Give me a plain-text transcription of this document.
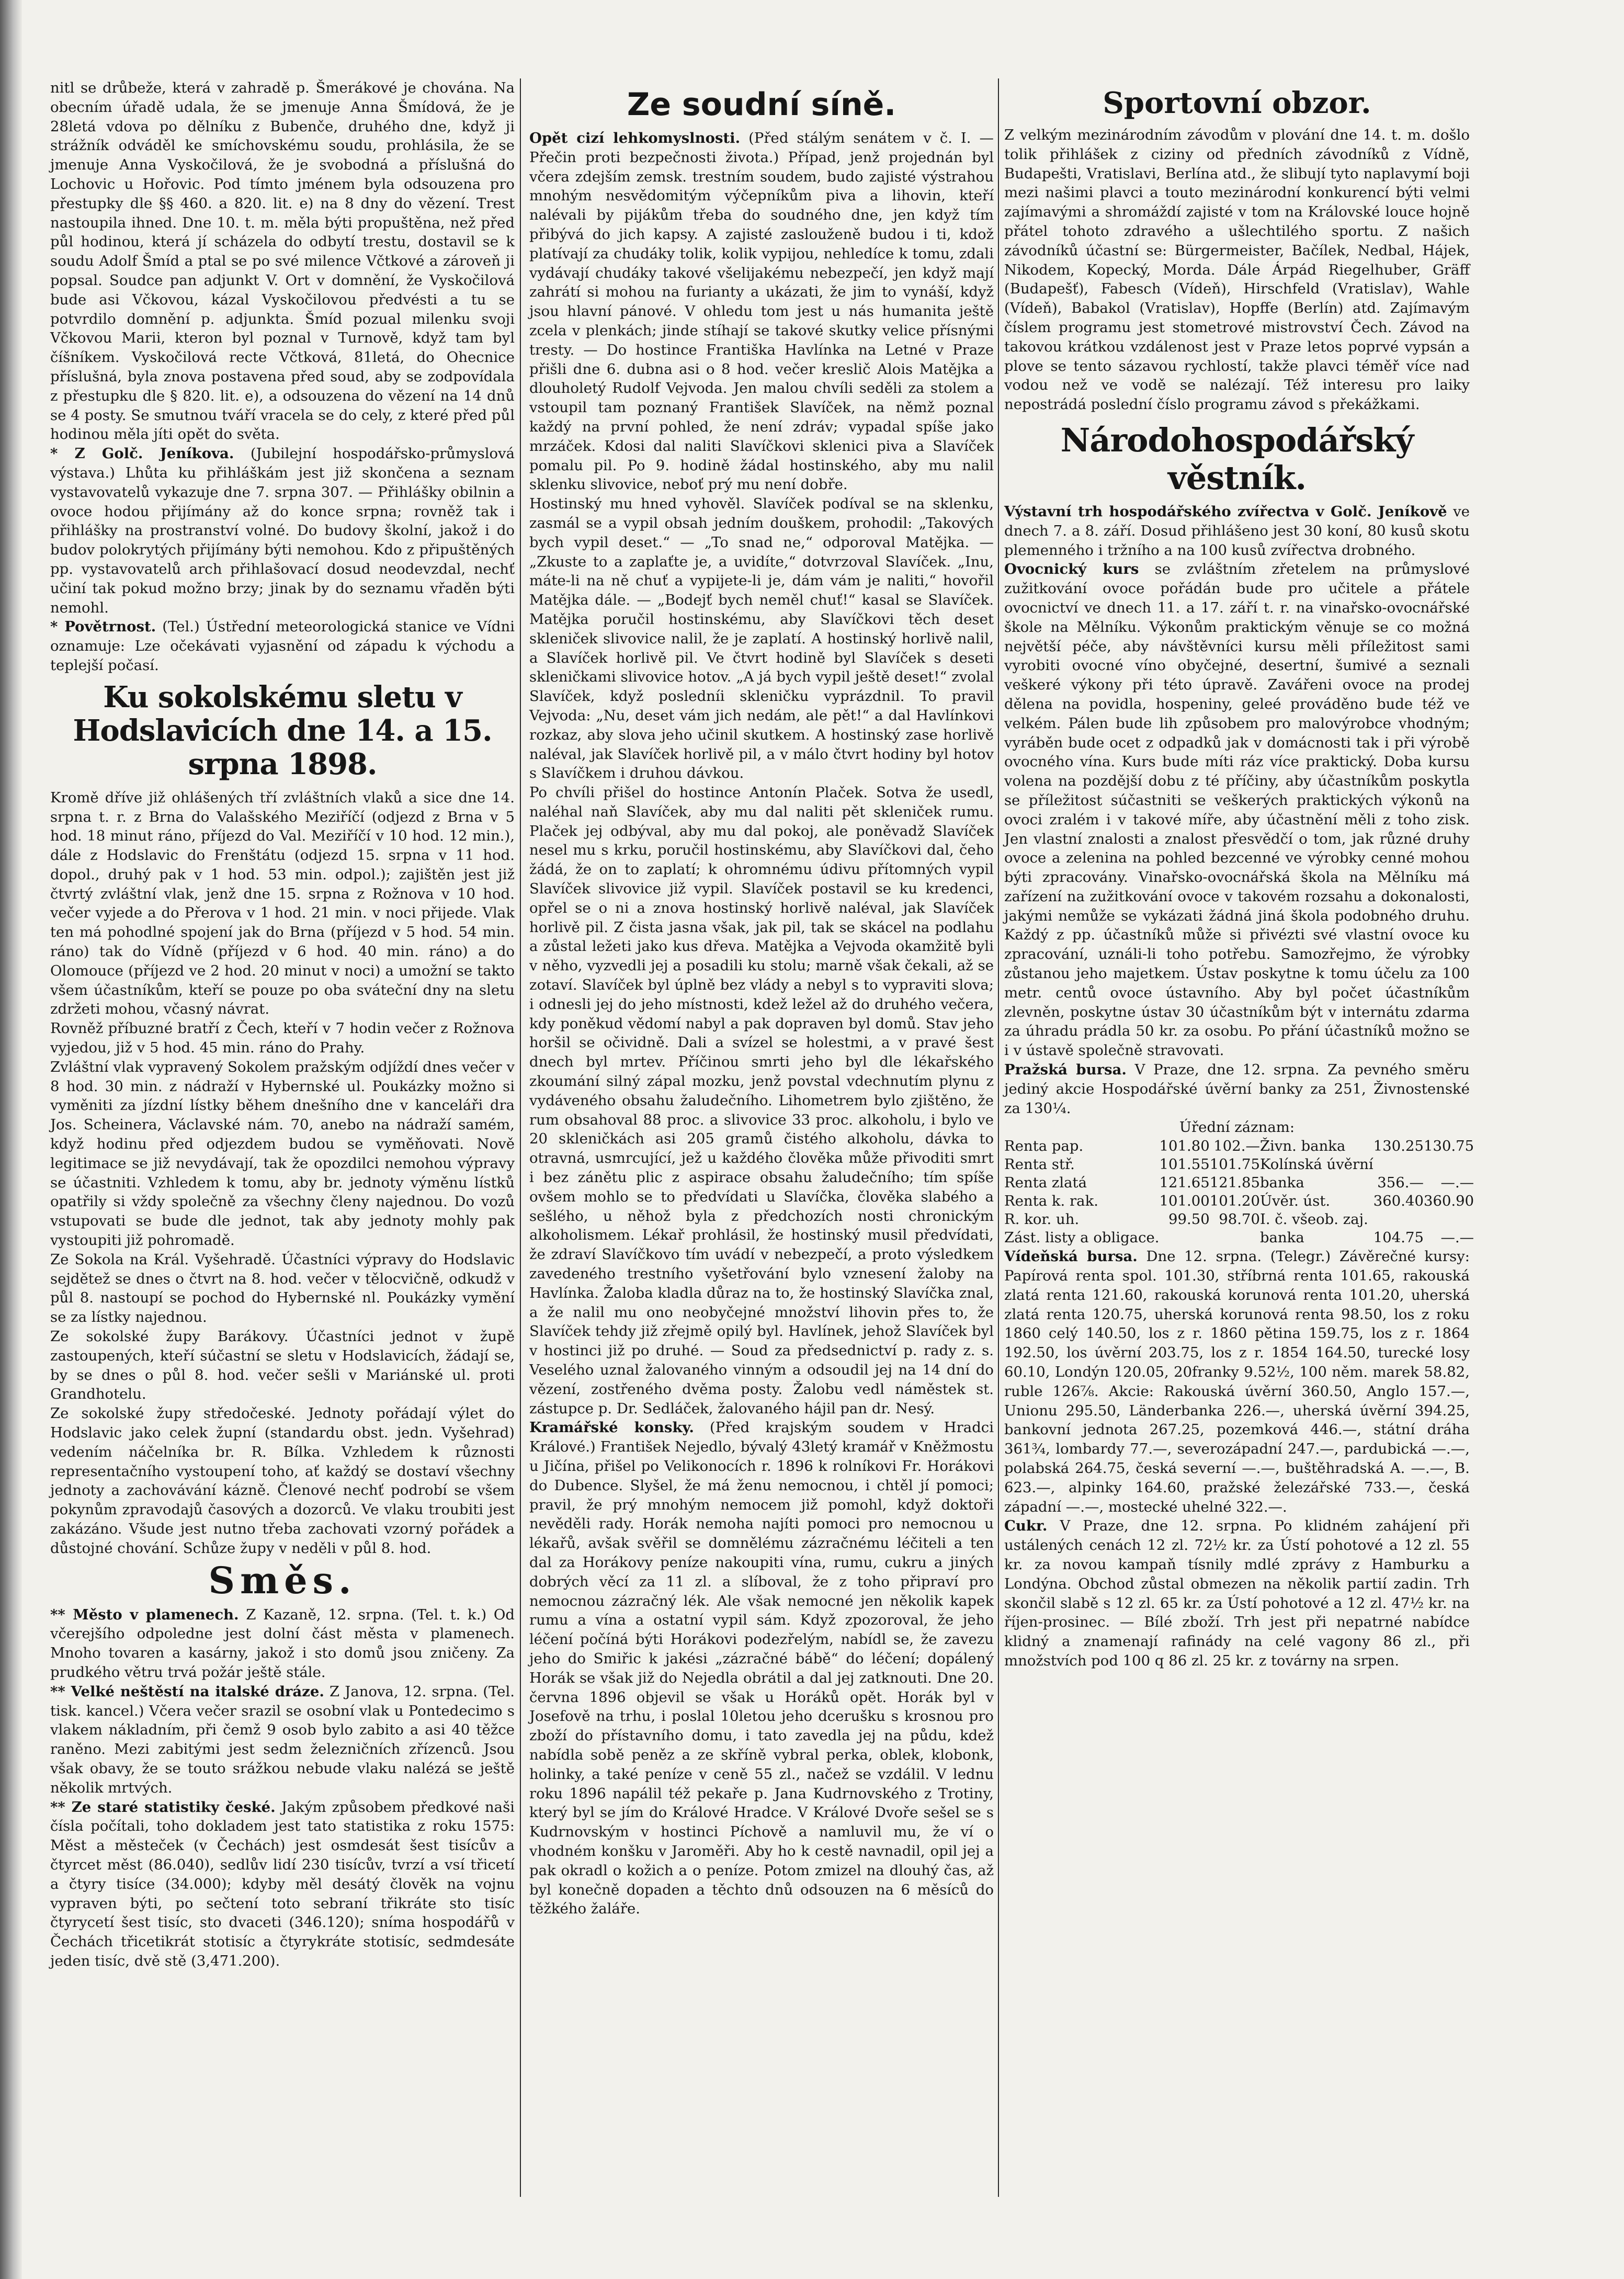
nitl se drůbeže, která v zahradě p. Šmerákové je chována. Na obecním úřadě udala, že se jmenuje Anna Šmídová, že je 28letá vdova po dělníku z Bubenče, druhého dne, když ji strážník odváděl ke smíchovskému soudu, prohlásila, že se jmenuje Anna Vyskočilová, že je svobodná a příslušná do Lochovic u Hořovic. Pod tímto jménem byla odsouzena pro přestupky dle §§ 460. a 820. lit. e) na 8 dny do vězení. Trest nastoupila ihned. Dne 10. t. m. měla býti propuštěna, než před půl hodinou, která jí scházela do odbytí trestu, dostavil se k soudu Adolf Šmíd a ptal se po své milence Včtkové a zároveň ji popsal. Soudce pan adjunkt V. Ort v domnění, že Vyskočilová bude asi Včkovou, kázal Vyskočilovou předvésti a tu se potvrdilo domnění p. adjunkta. Šmíd pozual milenku svoji Včkovou Marii, kteron byl poznal v Turnově, když tam byl číšníkem. Vyskočilová recte Včtková, 81letá, do Ohecnice příslušná, byla znova postavena před soud, aby se zodpovídala z přestupku dle § 820. lit. e), a odsouzena do vězení na 14 dnů se 4 posty. Se smutnou tváří vracela se do cely, z které před půl hodinou měla jíti opět do světa.

* Z Golč. Jeníkova. (Jubilejní hospodářsko-průmyslová výstava.) Lhůta ku přihláškám jest již skončena a seznam vystavovatelů vykazuje dne 7. srpna 307. — Přihlášky obilnin a ovoce hodou přijímány až do konce srpna; rovněž tak i přihlášky na prostranství volné. Do budovy školní, jakož i do budov polokrytých přijímány býti nemohou. Kdo z připuštěných pp. vystavovatelů arch přihlašovací dosud neodevzdal, nechť učiní tak pokud možno brzy; jinak by do seznamu vřaděn býti nemohl.

* Povětrnost. (Tel.) Ústřední meteorologická stanice ve Vídni oznamuje: Lze očekávati vyjasnění od západu k východu a teplejší počasí.

Ku sokolskému sletu v Hodslavicích dne 14. a 15. srpna 1898.

Kromě dříve již ohlášených tří zvláštních vlaků a sice dne 14. srpna t. r. z Brna do Valašského Meziříčí (odjezd z Brna v 5 hod. 18 minut ráno, příjezd do Val. Meziříčí v 10 hod. 12 min.), dále z Hodslavic do Frenštátu (odjezd 15. srpna v 11 hod. dopol., druhý pak v 1 hod. 53 min. odpol.); zajištěn jest již čtvrtý zvláštní vlak, jenž dne 15. srpna z Rožnova v 10 hod. večer vyjede a do Přerova v 1 hod. 21 min. v noci přijede. Vlak ten má pohodlné spojení jak do Brna (příjezd v 5 hod. 54 min. ráno) tak do Vídně (příjezd v 6 hod. 40 min. ráno) a do Olomouce (příjezd ve 2 hod. 20 minut v noci) a umožní se takto všem účastníkům, kteří se pouze po oba sváteční dny na sletu zdržeti mohou, včasný návrat.

Rovněž příbuzné bratří z Čech, kteří v 7 hodin večer z Rožnova vyjedou, již v 5 hod. 45 min. ráno do Prahy.

Zvláštní vlak vypravený Sokolem pražským odjíždí dnes večer v 8 hod. 30 min. z nádraží v Hybernské ul. Poukázky možno si vyměniti za jízdní lístky během dnešního dne v kanceláři dra Jos. Scheinera, Václavské nám. 70, anebo na nádraží samém, když hodinu před odjezdem budou se vyměňovati. Nově legitimace se již nevydávají, tak že opozdilci nemohou výpravy se účastniti. Vzhledem k tomu, aby br. jednoty výměnu lístků opatřily si vždy společně za všechny členy najednou. Do vozů vstupovati se bude dle jednot, tak aby jednoty mohly pak vystoupiti již pohromadě.

Ze Sokola na Král. Vyšehradě. Účastníci výpravy do Hodslavic sejdětež se dnes o čtvrt na 8. hod. večer v tělocvičně, odkudž v půl 8. nastoupí se pochod do Hybernské nl. Poukázky vymění se za lístky najednou.

Ze sokolské župy Barákovy. Účastníci jednot v župě zastoupených, kteří súčastní se sletu v Hodslavicích, žádají se, by se dnes o půl 8. hod. večer sešli v Mariánské ul. proti Grandhotelu.

Ze sokolské župy středočeské. Jednoty pořádají výlet do Hodslavic jako celek župní (standardu obst. jedn. Vyšehrad) vedením náčelníka br. R. Bílka. Vzhledem k různosti representačního vystoupení toho, ať každý se dostaví všechny jednoty a zachovávání kázně. Členové nechť podrobí se všem pokynům zpravodajů časových a dozorců. Ve vlaku troubiti jest zakázáno. Všude jest nutno třeba zachovati vzorný pořádek a důstojné chování. Schůze župy v neděli v půl 8. hod.

Směs.

** Město v plamenech. Z Kazaně, 12. srpna. (Tel. t. k.) Od včerejšího odpoledne jest dolní část města v plamenech. Mnoho tovaren a kasárny, jakož i sto domů jsou zničeny. Za prudkého větru trvá požár ještě stále.

** Velké neštěstí na italské dráze. Z Janova, 12. srpna. (Tel. tisk. kancel.) Včera večer srazil se osobní vlak u Pontedecimo s vlakem nákladním, při čemž 9 osob bylo zabito a asi 40 těžce raněno. Mezi zabitými jest sedm železničních zřízenců. Jsou však obavy, že se touto srážkou nebude vlaku nalézá se ještě několik mrtvých.

** Ze staré statistiky české. Jakým způsobem předkové naši čísla počítali, toho dokladem jest tato statistika z roku 1575: Měst a městeček (v Čechách) jest osmdesát šest tisícův a čtyrcet měst (86.040), sedlův lidí 230 tisícův, tvrzí a vsí třicetí a čtyry tisíce (34.000); kdyby měl desátý člověk na vojnu vypraven býti, po sečtení toto sebraní třikráte sto tisíc čtyrycetí šest tisíc, sto dvaceti (346.120); sníma hospodářů v Čechách třicetikrát stotisíc a čtyrykráte stotisíc, sedmdesáte jeden tisíc, dvě stě (3,471.200).

Ze soudní síně.

Opět cizí lehkomyslnosti. (Před stálým senátem v č. I. — Přečin proti bezpečnosti života.) Případ, jenž projednán byl včera zdejším zemsk. trestním soudem, budo zajisté výstrahou mnohým nesvědomitým výčepníkům piva a lihovin, kteří nalévali by pijákům třeba do soudného dne, jen když tím přibývá do jich kapsy. A zajisté zaslouženě budou i ti, kdož platívají za chudáky tolik, kolik vypijou, nehledíce k tomu, zdali vydávají chudáky takové všelijakému nebezpečí, jen když mají zahrátí si mohou na furianty a ukázati, že jim to vynáší, když jsou hlavní pánové. V ohledu tom jest u nás humanita ještě zcela v plenkách; jinde stíhají se takové skutky velice přísnými tresty. — Do hostince Františka Havlínka na Letné v Praze přišli dne 6. dubna asi o 8 hod. večer kreslič Alois Matějka a dlouholetý Rudolf Vejvoda. Jen malou chvíli seděli za stolem a vstoupil tam poznaný František Slavíček, na němž poznal každý na první pohled, že není zdráv; vypadal spíše jako mrzáček. Kdosi dal naliti Slavíčkovi sklenici piva a Slavíček pomalu pil. Po 9. hodině žádal hostinského, aby mu nalil sklenku slivovice, neboť prý mu není dobře.

Hostinský mu hned vyhověl. Slavíček podíval se na sklenku, zasmál se a vypil obsah jedním douškem, prohodil: „Takových bych vypil deset.“ — „To snad ne,“ odporoval Matějka. — „Zkuste to a zaplaťte je, a uvidíte,“ dotvrzoval Slavíček. „Inu, máte-li na ně chuť a vypijete-li je, dám vám je naliti,“ hovořil Matějka dále. — „Bodejť bych neměl chuť!“ kasal se Slavíček. Matějka poručil hostinskému, aby Slavíčkovi těch deset skleniček slivovice nalil, že je zaplatí. A hostinský horlivě nalil, a Slavíček horlivě pil. Ve čtvrt hodině byl Slavíček s deseti skleničkami slivovice hotov. „A já bych vypil ještě deset!“ zvolal Slavíček, když posledníi skleničku vyprázdnil. To pravil Vejvoda: „Nu, deset vám jich nedám, ale pět!“ a dal Havlínkovi rozkaz, aby slova jeho učinil skutkem. A hostinský zase horlivě naléval, jak Slavíček horlivě pil, a v málo čtvrt hodiny byl hotov s Slavíčkem i druhou dávkou.

Po chvíli přišel do hostince Antonín Plaček. Sotva že usedl, naléhal naň Slavíček, aby mu dal naliti pět skleniček rumu. Plaček jej odbýval, aby mu dal pokoj, ale poněvadž Slavíček nesel mu s krku, poručil hostinskému, aby Slavíčkovi dal, čeho žádá, že on to zaplatí; k ohromnému údivu přítomných vypil Slavíček slivovice již vypil. Slavíček postavil se ku kredenci, opřel se o ni a znova hostinský horlivě naléval, jak Slavíček horlivě pil. Z čista jasna však, jak pil, tak se skácel na podlahu a zůstal ležeti jako kus dřeva. Matějka a Vejvoda okamžitě byli v něho, vyzvedli jej a posadili ku stolu; marně však čekali, až se zotaví. Slavíček byl úplně bez vlády a nebyl s to vypraviti slova; i odnesli jej do jeho místnosti, kdež ležel až do druhého večera, kdy poněkud vědomí nabyl a pak dopraven byl domů. Stav jeho horšil se očividně. Dali a svízel se holestmi, a v pravé šest dnech byl mrtev. Příčinou smrti jeho byl dle lékařského zkoumání silný zápal mozku, jenž povstal vdechnutím plynu z vydáveného obsahu žaludečního. Lihometrem bylo zjištěno, že rum obsahoval 88 proc. a slivovice 33 proc. alkoholu, i bylo ve 20 skleničkách asi 205 gramů čistého alkoholu, dávka to otravná, usmrcující, jež u každého člověka může přivoditi smrt i bez zánětu plic z aspirace obsahu žaludečního; tím spíše ovšem mohlo se to předvídati u Slavíčka, člověka slabého a sešlého, u něhož byla z předchozích nosti chronickým alkoholismem. Lékař prohlásil, že hostinský musil předvídati, že zdraví Slavíčkovo tím uvádí v nebezpečí, a proto výsledkem zavedeného trestního vyšetřování bylo vznesení žaloby na Havlínka. Žaloba kladla důraz na to, že hostinský Slavíčka znal, a že nalil mu ono neobyčejné množství lihovin přes to, že Slavíček tehdy již zřejmě opilý byl. Havlínek, jehož Slavíček byl v hostinci již po druhé. — Soud za předsednictví p. rady z. s. Veselého uznal žalovaného vinným a odsoudil jej na 14 dní do vězení, zostřeného dvěma posty. Žalobu vedl náměstek st. zástupce p. Dr. Sedláček, žalovaného hájil pan dr. Nesý.

Kramářské konsky. (Před krajským soudem v Hradci Králové.) František Nejedlo, bývalý 43letý kramář v Kněžmostu u Jičína, přišel po Velikonocích r. 1896 k rolníkovi Fr. Horákovi do Dubence. Slyšel, že má ženu nemocnou, i chtěl jí pomoci; pravil, že prý mnohým nemocem již pomohl, když doktoři nevěděli rady. Horák nemoha najíti pomoci pro nemocnou u lékařů, avšak svěřil se domnělému zázračnému léčiteli a ten dal za Horákovy peníze nakoupiti vína, rumu, cukru a jiných dobrých věcí za 11 zl. a slíboval, že z toho připraví pro nemocnou zázračný lék. Ale však nemocné jen několik kapek rumu a vína a ostatní vypil sám. Když zpozoroval, že jeho léčení počíná býti Horákovi podezřelým, nabídl se, že zavezu jeho do Smiřic k jakési „zázračné bábě“ do léčení; dopálený Horák se však již do Nejedla obrátil a dal jej zatknouti. Dne 20. června 1896 objevil se však u Horáků opět. Horák byl v Josefově na trhu, i poslal 10letou jeho dcerušku s krosnou pro zboží do přístavního domu, i tato zavedla jej na půdu, kdež nabídla sobě peněz a ze skříně vybral perka, oblek, klobonk, holinky, a také peníze v ceně 55 zl., načež se vzdálil. V lednu roku 1896 napálil též pekaře p. Jana Kudrnovského z Trotiny, který byl se jím do Králové Hradce. V Králové Dvoře sešel se s Kudrnovským v hostinci Píchově a namluvil mu, že ví o vhodném konšku v Jaroměři. Aby ho k cestě navnadil, opil jej a pak okradl o kožich a o peníze. Potom zmizel na dlouhý čas, až byl konečně dopaden a těchto dnů odsouzen na 6 měsíců do těžkého žaláře.

Sportovní obzor.

Z velkým mezinárodním závodům v plování dne 14. t. m. došlo tolik přihlášek z ciziny od předních závodníků z Vídně, Budapešti, Vratislavi, Berlína atd., že slibují tyto naplavymí boji mezi našimi plavci a touto mezinárodní konkurencí býti velmi zajímavými a shromáždí zajisté v tom na Královské louce hojně přátel tohoto zdravého a ušlechtilého sportu. Z našich závodníků účastní se: Bürgermeister, Bačílek, Nedbal, Hájek, Nikodem, Kopecký, Morda. Dále Árpád Riegelhuber, Gräff (Budapešť), Fabesch (Vídeň), Hirschfeld (Vratislav), Wahle (Vídeň), Babakol (Vratislav), Hopffe (Berlín) atd. Zajímavým číslem programu jest stometrové mistrovství Čech. Závod na takovou krátkou vzdálenost jest v Praze letos poprvé vypsán a plove se tento sázavou rychlostí, takže plavci téměř více nad vodou než ve vodě se nalézají. Též interesu pro laiky nepostrádá poslední číslo programu závod s překážkami.

Národohospodářský věstník.

Výstavní trh hospodářského zvířectva v Golč. Jeníkově ve dnech 7. a 8. září. Dosud přihlášeno jest 30 koní, 80 kusů skotu plemenného i tržního a na 100 kusů zvířectva drobného.

Ovocnický kurs se zvláštním zřetelem na průmyslové zužitkování ovoce pořádán bude pro učitele a přátele ovocnictví ve dnech 11. a 17. září t. r. na vinařsko-ovocnářské škole na Mělníku. Výkonům praktickým věnuje se co možná největší péče, aby návštěvníci kursu měli příležitost sami vyrobiti ovocné víno obyčejné, desertní, šumivé a seznali veškeré výkony při této úpravě. Zavářeni ovoce na prodej dělena na povidla, hospeniny, geleé prováděno bude též ve velkém. Pálen bude lih způsobem pro malovýrobce vhodným; vyráběn bude ocet z odpadků jak v domácnosti tak i při výrobě ovocného vína. Kurs bude míti ráz více praktický. Doba kursu volena na pozdější dobu z té příčiny, aby účastníkům poskytla se příležitost súčastniti se veškerých praktických výkonů na ovoci zralém i v takové míře, aby účastnění měli z toho zisk. Jen vlastní znalosti a znalost přesvědčí o tom, jak různé druhy ovoce a zelenina na pohled bezcenné ve výrobky cenné mohou býti zpracovány. Vinařsko-ovocnářská škola na Mělníku má zařízení na zužitkování ovoce v takovém rozsahu a dokonalosti, jakými nemůže se vykázati žádná jiná škola podobného druhu. Každý z pp. účastníků může si přivézti své vlastní ovoce ku zpracování, uználi-li toho potřebu. Samozřejmo, že výrobky zůstanou jeho majetkem. Ústav poskytne k tomu účelu za 100 metr. centů ovoce ústavního. Aby byl počet účastníkům zlevněn, poskytne ústav 30 účastníkům být v internátu zdarma za úhradu prádla 50 kr. za osobu. Po přání účastníků možno se i v ústavě společně stravovati.

Pražská bursa. V Praze, dne 12. srpna. Za pevného směru jediný akcie Hospodářské úvěrní banky za 251, Živnostenské za 130¼.

Úřední záznam:
Renta pap.	101.80	102.—	Živn. banka	130.25	130.75
Renta stř.	101.55	101.75	Kolínská úvěrní		
Renta zlatá	121.65	121.85	banka	356.—	—.—
Renta k. rak.	101.00	101.20	Úvěr. úst.	360.40	360.90
R. kor. uh.	99.50	98.70	I. č. všeob. zaj.		
Zást. listy a obligace.			banka	104.75	—.—

Vídeňská bursa. Dne 12. srpna. (Telegr.) Závěrečné kursy: Papírová renta spol. 101.30, stříbrná renta 101.65, rakouská zlatá renta 121.60, rakouská korunová renta 101.20, uherská zlatá renta 120.75, uherská korunová renta 98.50, los z roku 1860 celý 140.50, los z r. 1860 pětina 159.75, los z r. 1864 192.50, los úvěrní 203.75, los z r. 1854 164.50, turecké losy 60.10, Londýn 120.05, 20franky 9.52½, 100 něm. marek 58.82, ruble 126⅞. Akcie: Rakouská úvěrní 360.50, Anglo 157.—, Unionu 295.50, Länderbanka 226.—, uherská úvěrní 394.25, bankovní jednota 267.25, pozemková 446.—, státní dráha 361¾, lombardy 77.—, severozápadní 247.—, pardubická —.—, polabská 264.75, česká severní —.—, buštěhradská A. —.—, B. 623.—, alpinky 164.60, pražské železářské 733.—, česká západní —.—, mostecké uhelné 322.—.

Cukr. V Praze, dne 12. srpna. Po klidném zahájení při ustálených cenách 12 zl. 72½ kr. za Ústí pohotové a 12 zl. 55 kr. za novou kampaň tísnily mdlé zprávy z Hamburku a Londýna. Obchod zůstal obmezen na několik partií zadin. Trh skončil slabě s 12 zl. 65 kr. za Ústí pohotové a 12 zl. 47½ kr. na říjen-prosinec. — Bílé zboží. Trh jest při nepatrné nabídce klidný a znamenají rafinády na celé vagony 86 zl., při množstvích pod 100 q 86 zl. 25 kr. z továrny na srpen.
